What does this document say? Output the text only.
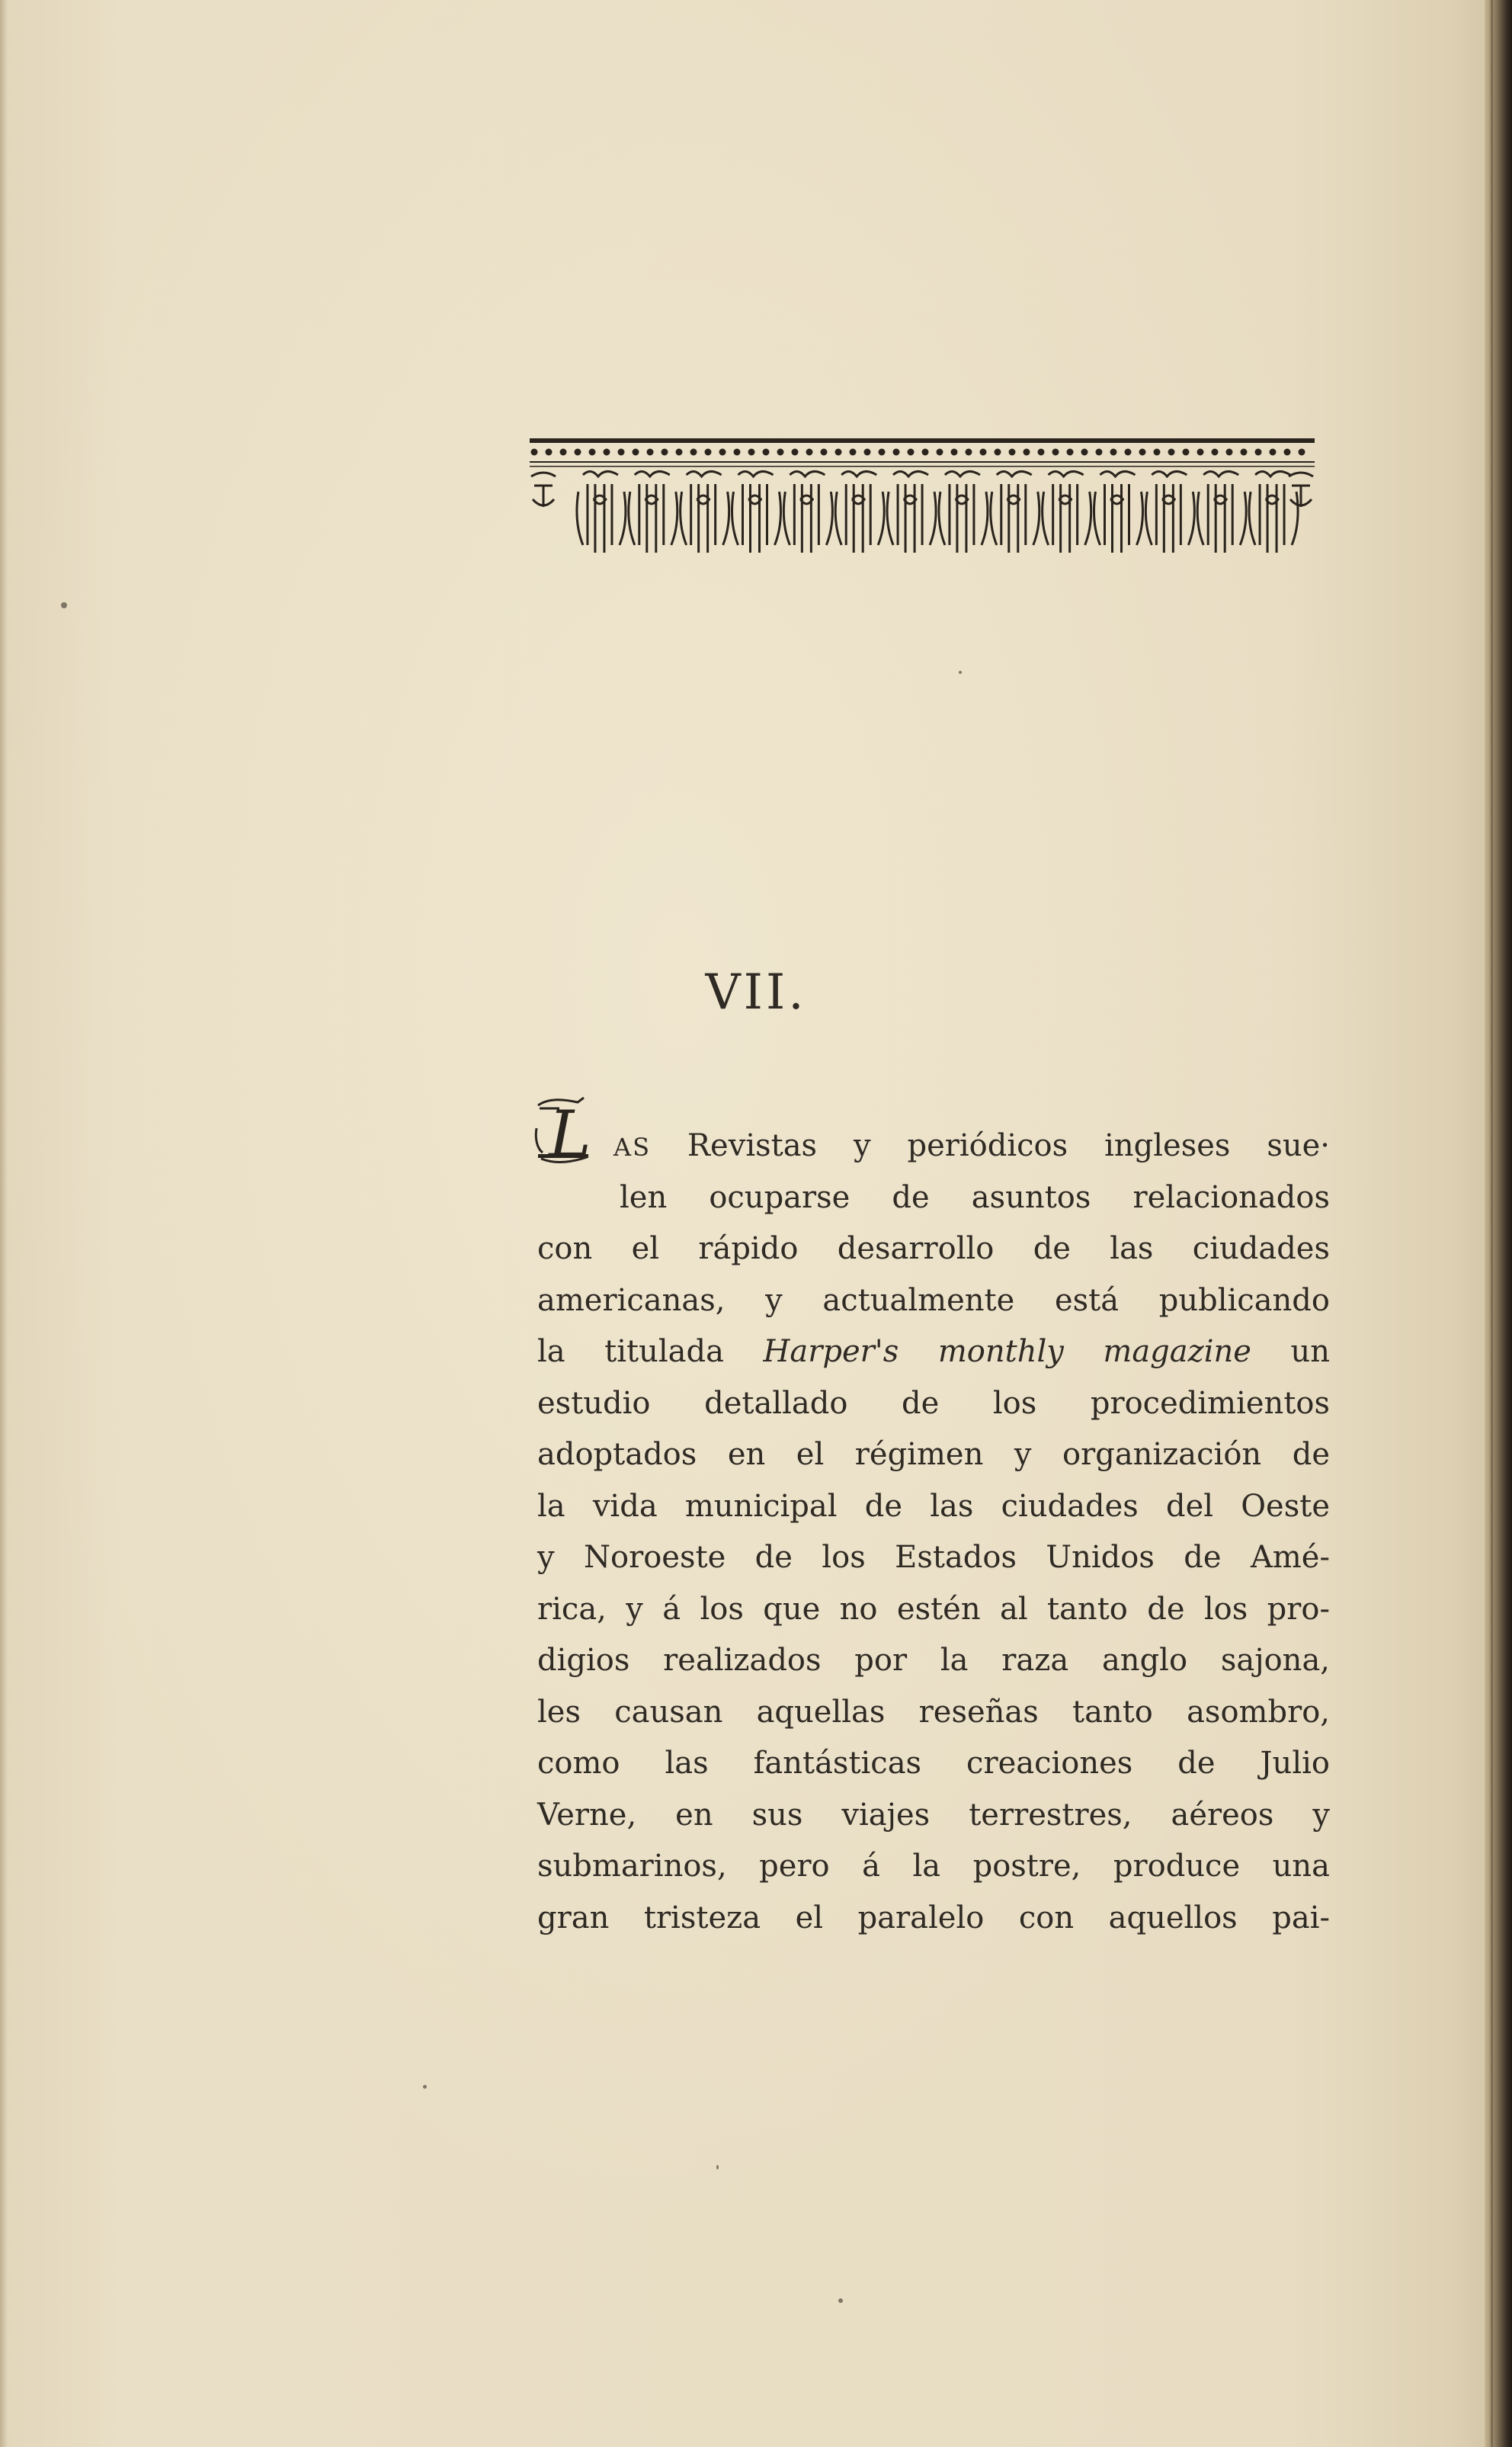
VII.
L AS Revistas y periódicos ingleses sue·
len ocuparse de asuntos relacionados
con el rápido desarrollo de las ciudades
americanas, y actualmente está publicando
la titulada Harper's monthly magazine un
estudio detallado de los procedimientos
adoptados en el régimen y organización de
la vida municipal de las ciudades del Oeste
y Noroeste de los Estados Unidos de Amé-
rica, y á los que no estén al tanto de los pro-
digios realizados por la raza anglo sajona,
les causan aquellas reseñas tanto asombro,
como las fantásticas creaciones de Julio
Verne, en sus viajes terrestres, aéreos y
submarinos, pero á la postre, produce una
gran tristeza el paralelo con aquellos pai-
